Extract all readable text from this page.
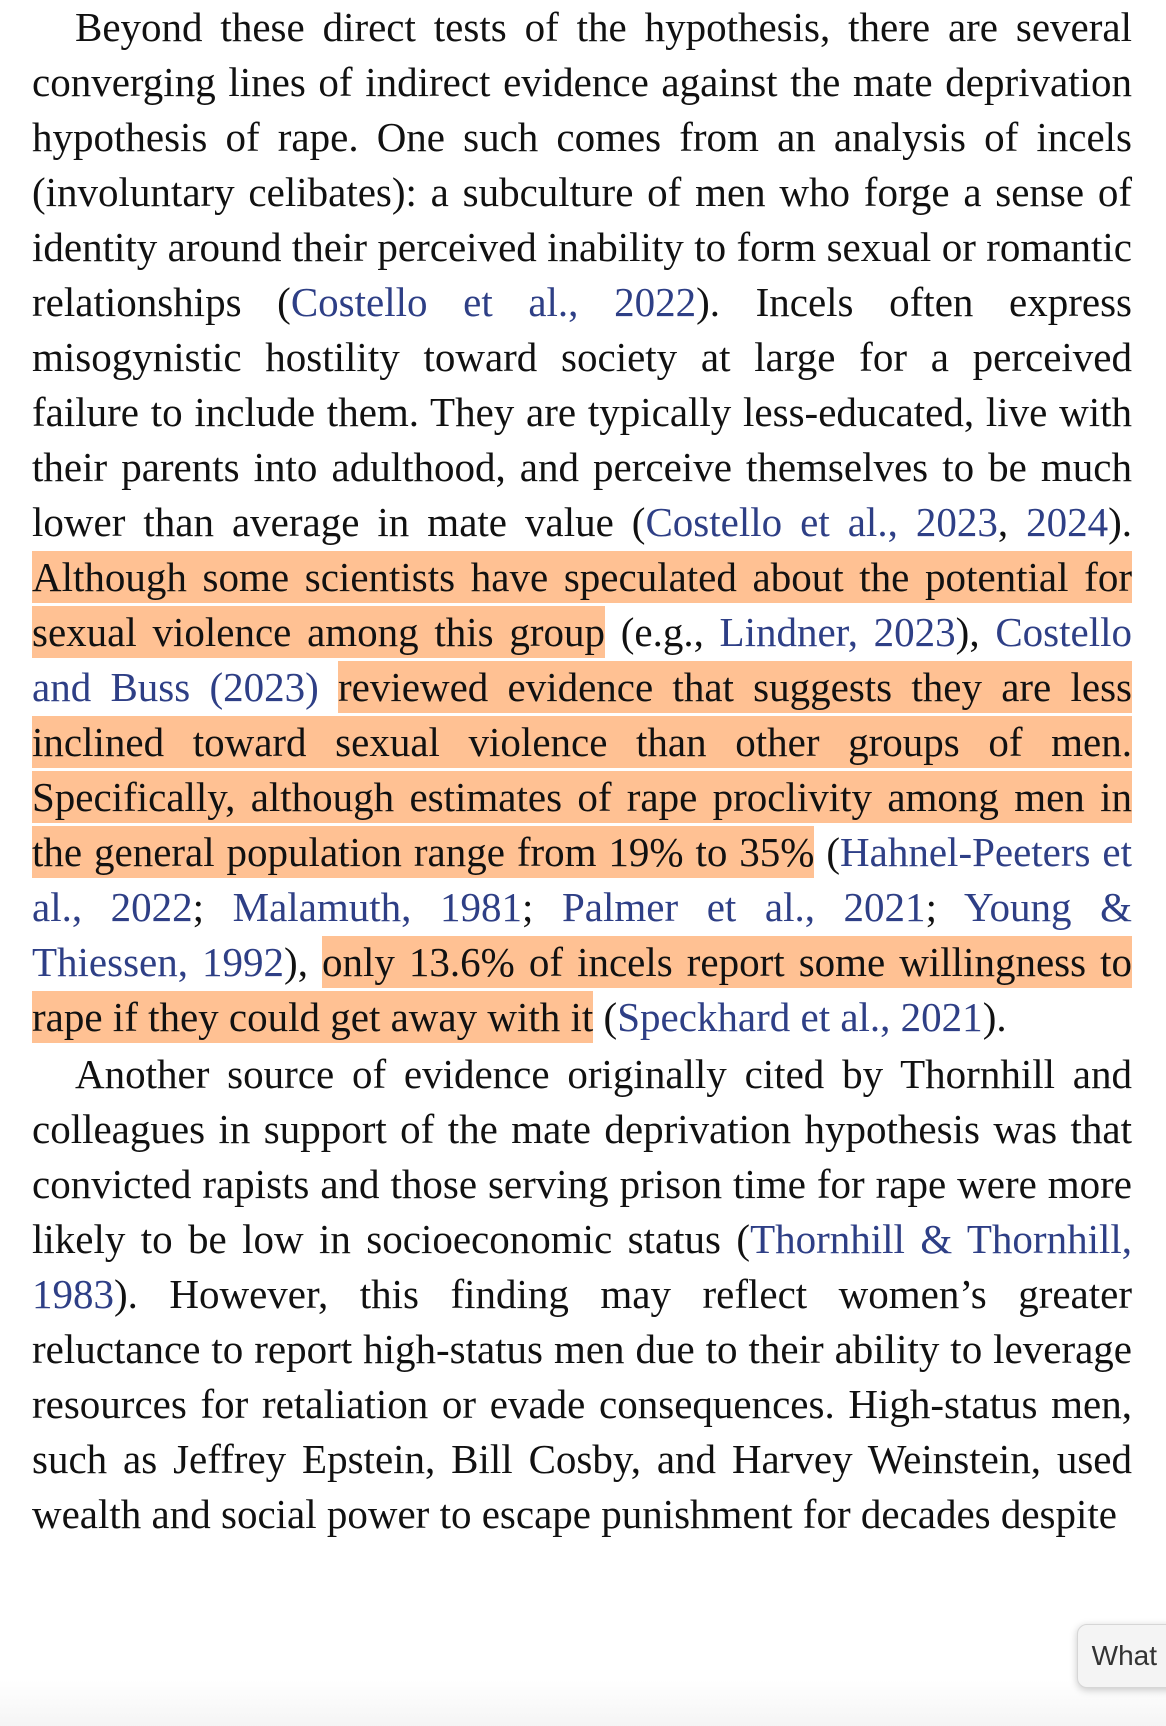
Beyond these direct tests of the hypothesis, there are several converging lines of indirect evidence against the mate deprivation hypothesis of rape. One such comes from an analysis of incels (involuntary celibates): a subculture of men who forge a sense of identity around their perceived inability to form sexual or romantic relationships (Costello et al., 2022). Incels often express misogynistic hostility toward society at large for a perceived failure to include them. They are typically less-educated, live with their parents into adulthood, and perceive themselves to be much lower than average in mate value (Costello et al., 2023, 2024). Although some scientists have speculated about the potential for sexual violence among this group (e.g., Lindner, 2023), Costello and Buss (2023) reviewed evidence that suggests they are less inclined toward sexual violence than other groups of men. Specifically, although estimates of rape proclivity among men in the general population range from 19% to 35% (Hahnel-Peeters et al., 2022; Malamuth, 1981; Palmer et al., 2021; Young & Thiessen, 1992), only 13.6% of incels report some willingness to rape if they could get away with it (Speckhard et al., 2021).

Another source of evidence originally cited by Thornhill and colleagues in support of the mate deprivation hypothesis was that convicted rapists and those serving prison time for rape were more likely to be low in socioeconomic status (Thornhill & Thornhill, 1983). However, this finding may reflect women’s greater reluctance to report high-status men due to their ability to leverage resources for retaliation or evade consequences. High-status men, such as Jeffrey Epstein, Bill Cosby, and Harvey Weinstein, used wealth and social power to escape punishment for decades despite

What
